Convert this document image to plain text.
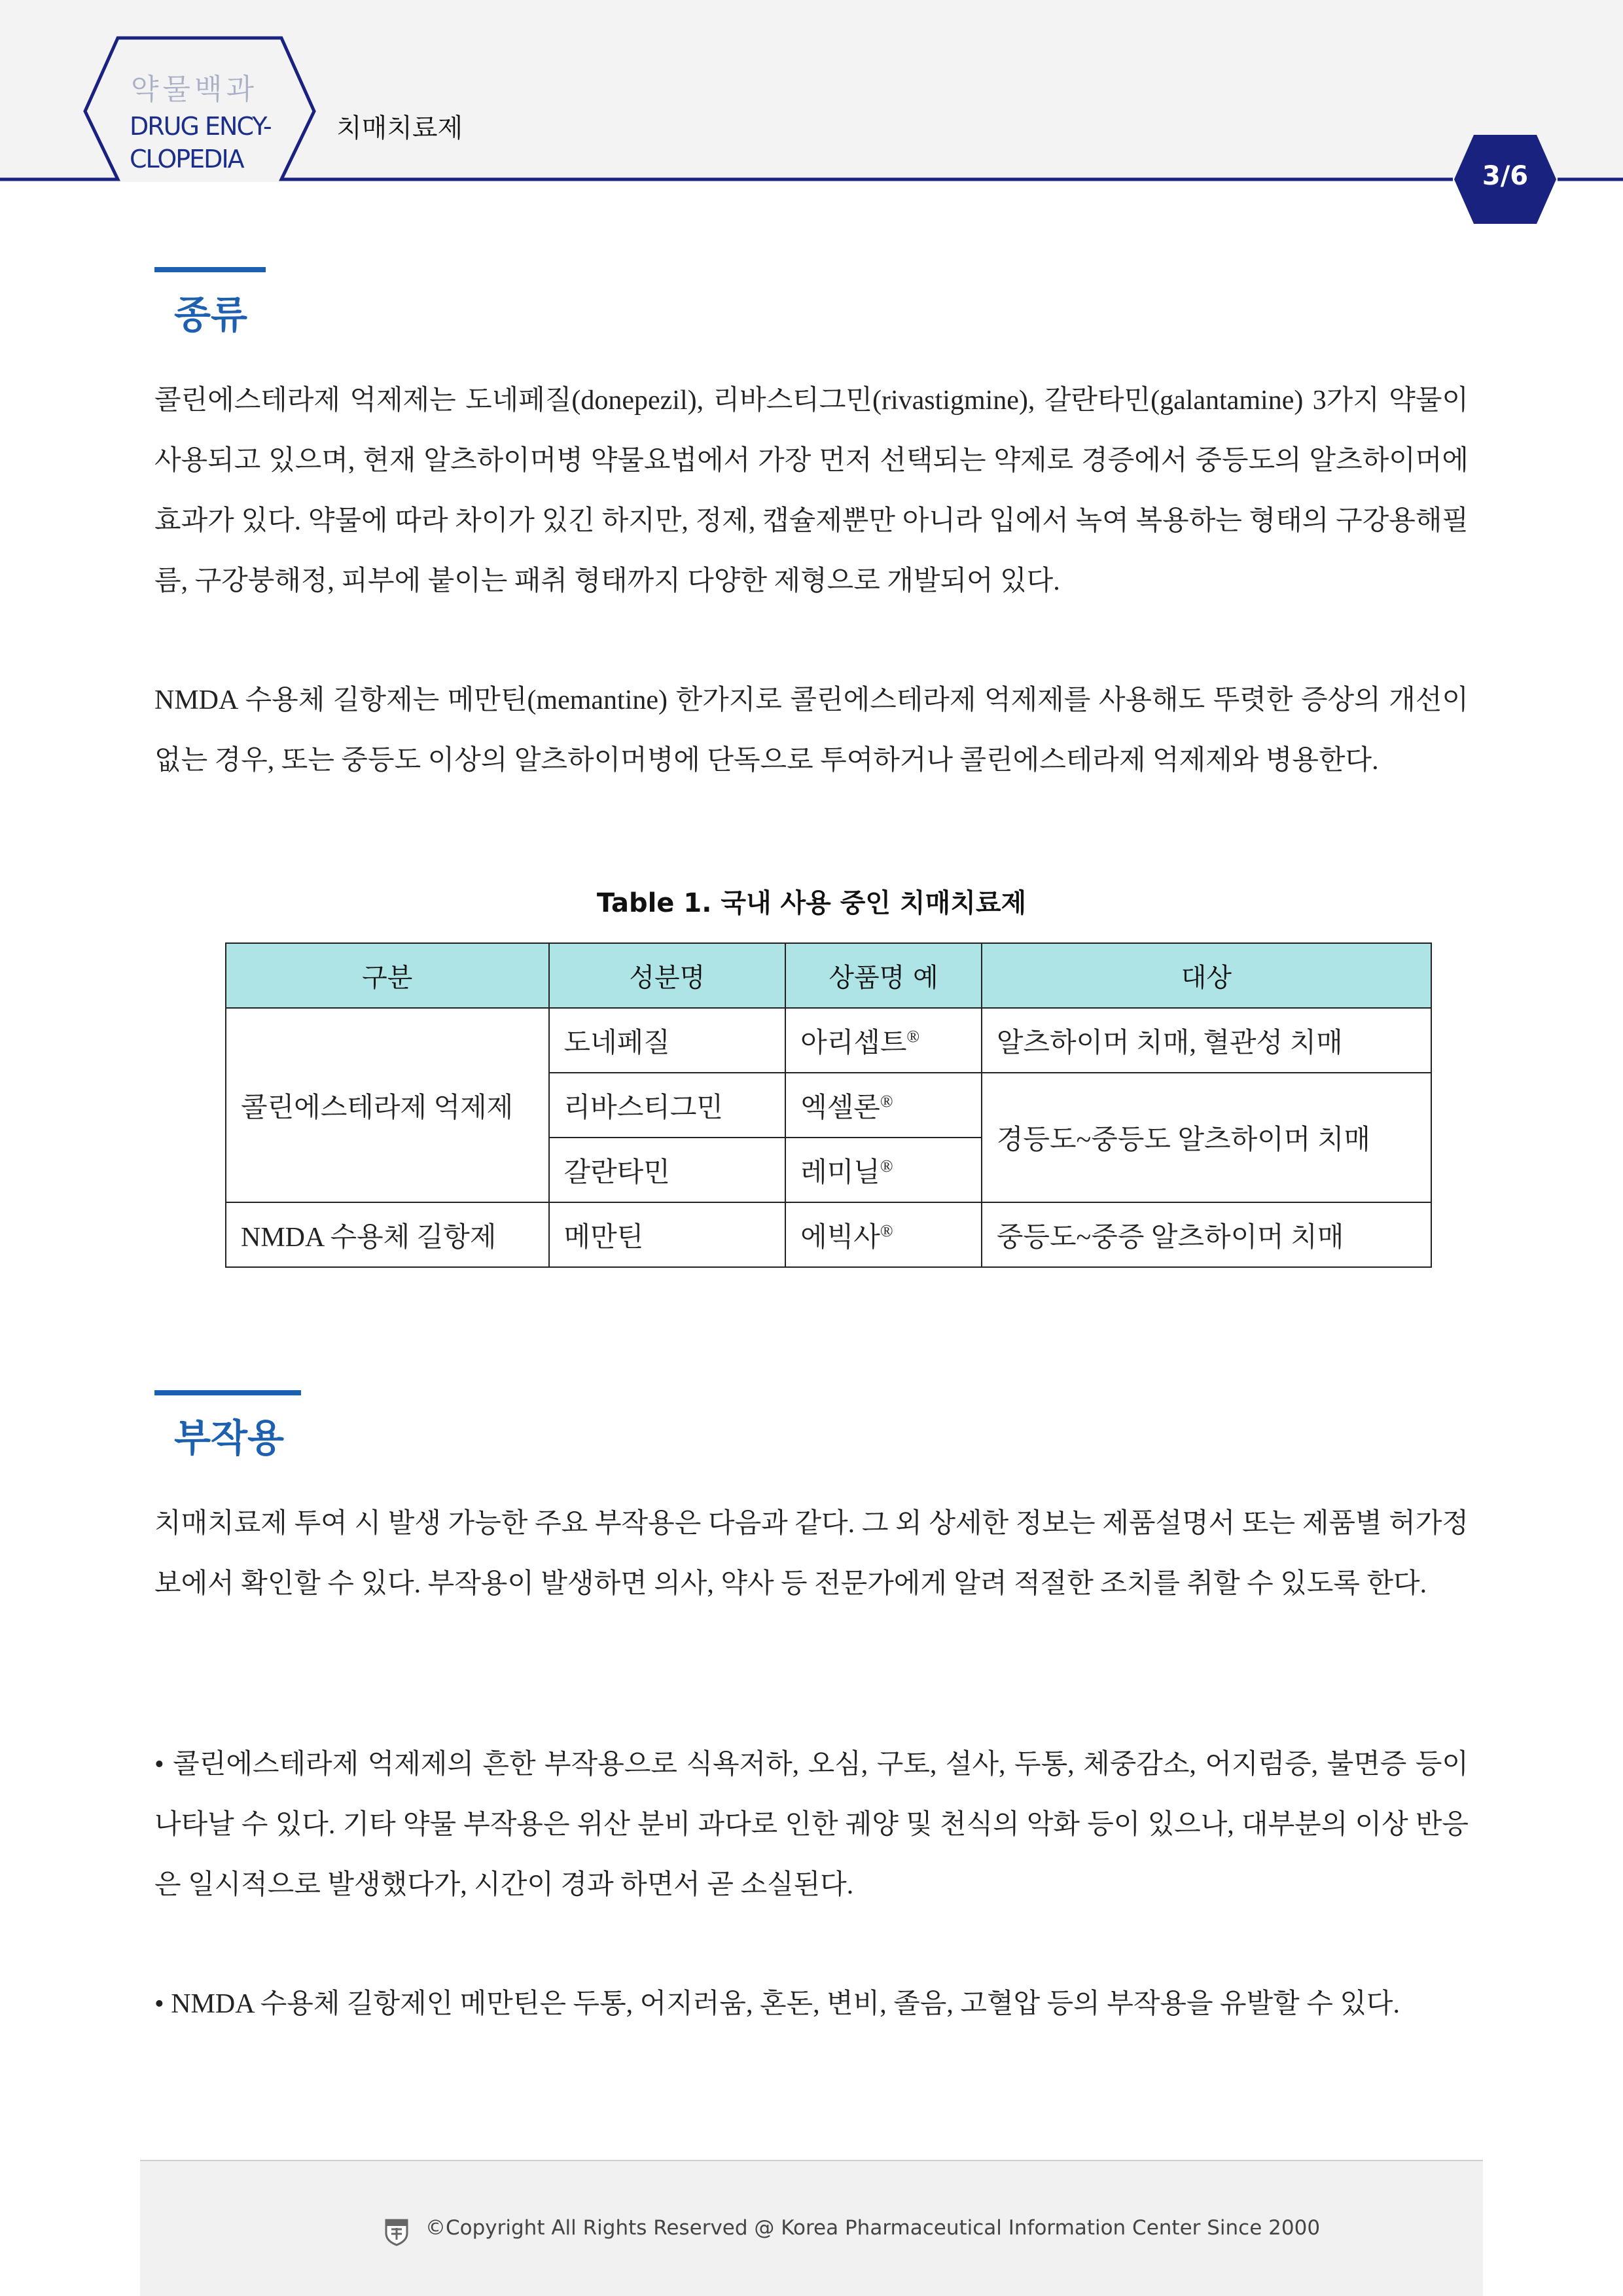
약물백과
DRUG ENCY-
CLOPEDIA
치매치료제
3/6
종류

콜린에스테라제 억제제는 도네페질(donepezil), 리바스티그민(rivastigmine), 갈란타민(galantamine) 3가지 약물이 사용되고 있으며, 현재 알츠하이머병 약물요법에서 가장 먼저 선택되는 약제로 경증에서 중등도의 알츠하이머에 효과가 있다. 약물에 따라 차이가 있긴 하지만, 정제, 캡슐제뿐만 아니라 입에서 녹여 복용하는 형태의 구강용해필름, 구강붕해정, 피부에 붙이는 패취 형태까지 다양한 제형으로 개발되어 있다.

NMDA 수용체 길항제는 메만틴(memantine) 한가지로 콜린에스테라제 억제제를 사용해도 뚜렷한 증상의 개선이 없는 경우, 또는 중등도 이상의 알츠하이머병에 단독으로 투여하거나 콜린에스테라제 억제제와 병용한다.

Table 1. 국내 사용 중인 치매치료제
구분	성분명	상품명 예	대상
콜린에스테라제 억제제	도네페질	아리셉트®	알츠하이머 치매, 혈관성 치매
	리바스티그민	엑셀론®	경등도~중등도 알츠하이머 치매
	갈란타민	레미닐®
NMDA 수용체 길항제	메만틴	에빅사®	중등도~중증 알츠하이머 치매
부작용

치매치료제 투여 시 발생 가능한 주요 부작용은 다음과 같다. 그 외 상세한 정보는 제품설명서 또는 제품별 허가정보에서 확인할 수 있다. 부작용이 발생하면 의사, 약사 등 전문가에게 알려 적절한 조치를 취할 수 있도록 한다.

• 콜린에스테라제 억제제의 흔한 부작용으로 식욕저하, 오심, 구토, 설사, 두통, 체중감소, 어지럼증, 불면증 등이 나타날 수 있다. 기타 약물 부작용은 위산 분비 과다로 인한 궤양 및 천식의 악화 등이 있으나, 대부분의 이상 반응은 일시적으로 발생했다가, 시간이 경과 하면서 곧 소실된다.

• NMDA 수용체 길항제인 메만틴은 두통, 어지러움, 혼돈, 변비, 졸음, 고혈압 등의 부작용을 유발할 수 있다.

©Copyright All Rights Reserved @ Korea Pharmaceutical Information Center Since 2000
